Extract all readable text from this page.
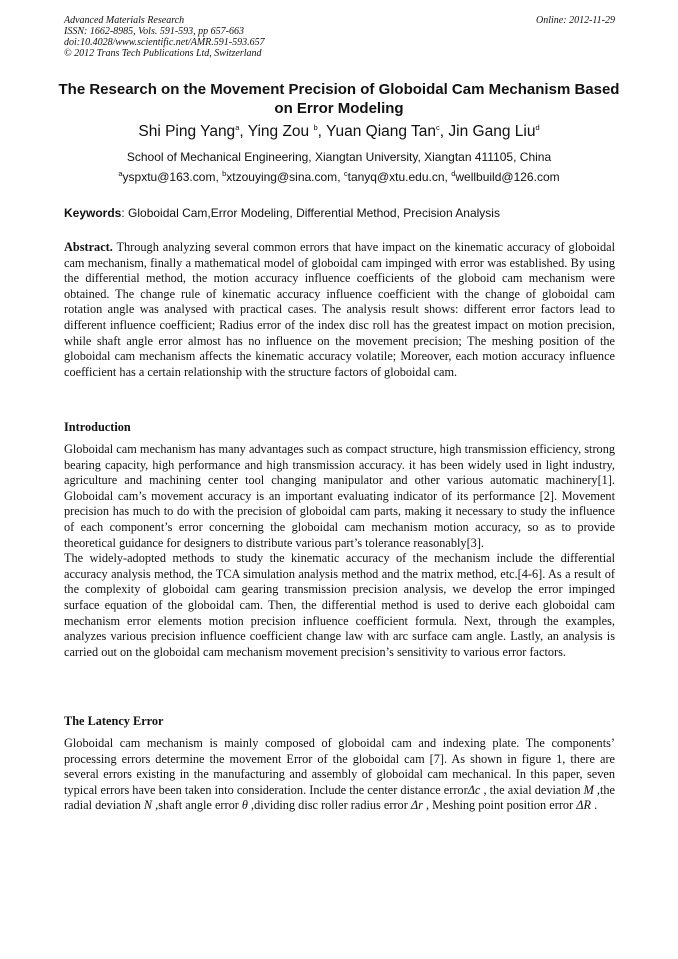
Advanced Materials Research
ISSN: 1662-8985, Vols. 591-593, pp 657-663
doi:10.4028/www.scientific.net/AMR.591-593.657
© 2012 Trans Tech Publications Ltd, Switzerland
Online: 2012-11-29
The Research on the Movement Precision of Globoidal Cam Mechanism Based on Error Modeling
Shi Ping Yang$^a$, Ying Zou $^b$, Yuan Qiang Tan$^c$, Jin Gang Liu$^d$
School of Mechanical Engineering, Xiangtan University, Xiangtan 411105, China
$^a$yspxtu@163.com, $^b$xtzouying@sina.com, $^c$tanyq@xtu.edu.cn, $^d$wellbuild@126.com
Keywords: Globoidal Cam,Error Modeling, Differential Method, Precision Analysis
Abstract. Through analyzing several common errors that have impact on the kinematic accuracy of globoidal cam mechanism, finally a mathematical model of globoidal cam impinged with error was established. By using the differential method, the motion accuracy influence coefficients of the globoid cam mechanism were obtained. The change rule of kinematic accuracy influence coefficient with the change of globoidal cam rotation angle was analysed with practical cases. The analysis result shows: different error factors lead to different influence coefficient; Radius error of the index disc roll has the greatest impact on motion precision, while shaft angle error almost has no influence on the movement precision; The meshing position of the globoidal cam mechanism affects the kinematic accuracy volatile; Moreover, each motion accuracy influence coefficient has a certain relationship with the structure factors of globoidal cam.
Introduction

Globoidal cam mechanism has many advantages such as compact structure, high transmission efficiency, strong bearing capacity, high performance and high transmission accuracy. it has been widely used in light industry, agriculture and machining center tool changing manipulator and other various automatic machinery[1]. Globoidal cam’s movement accuracy is an important evaluating indicator of its performance [2]. Movement precision has much to do with the precision of globoidal cam parts, making it necessary to study the influence of each component’s error concerning the globoidal cam mechanism motion accuracy, so as to provide theoretical guidance for designers to distribute various part’s tolerance reasonably[3].

The widely-adopted methods to study the kinematic accuracy of the mechanism include the differential accuracy analysis method, the TCA simulation analysis method and the matrix method, etc.[4-6]. As a result of the complexity of globoidal cam gearing transmission precision analysis, we develop the error impinged surface equation of the globoidal cam. Then, the differential method is used to derive each globoidal cam mechanism error elements motion precision influence coefficient formula. Next, through the examples, analyzes various precision influence coefficient change law with arc surface cam angle. Lastly, an analysis is carried out on the globoidal cam mechanism movement precision’s sensitivity to various error factors.

The Latency Error

Globoidal cam mechanism is mainly composed of globoidal cam and indexing plate. The components’ processing errors determine the movement Error of the globoidal cam [7]. As shown in figure 1, there are several errors existing in the manufacturing and assembly of globoidal cam mechanical. In this paper, seven typical errors have been taken into consideration. Include the center distance errorΔc , the axial deviation M ,the radial deviation N ,shaft angle error θ ,dividing disc roller radius error Δr , Meshing point position error ΔR .
